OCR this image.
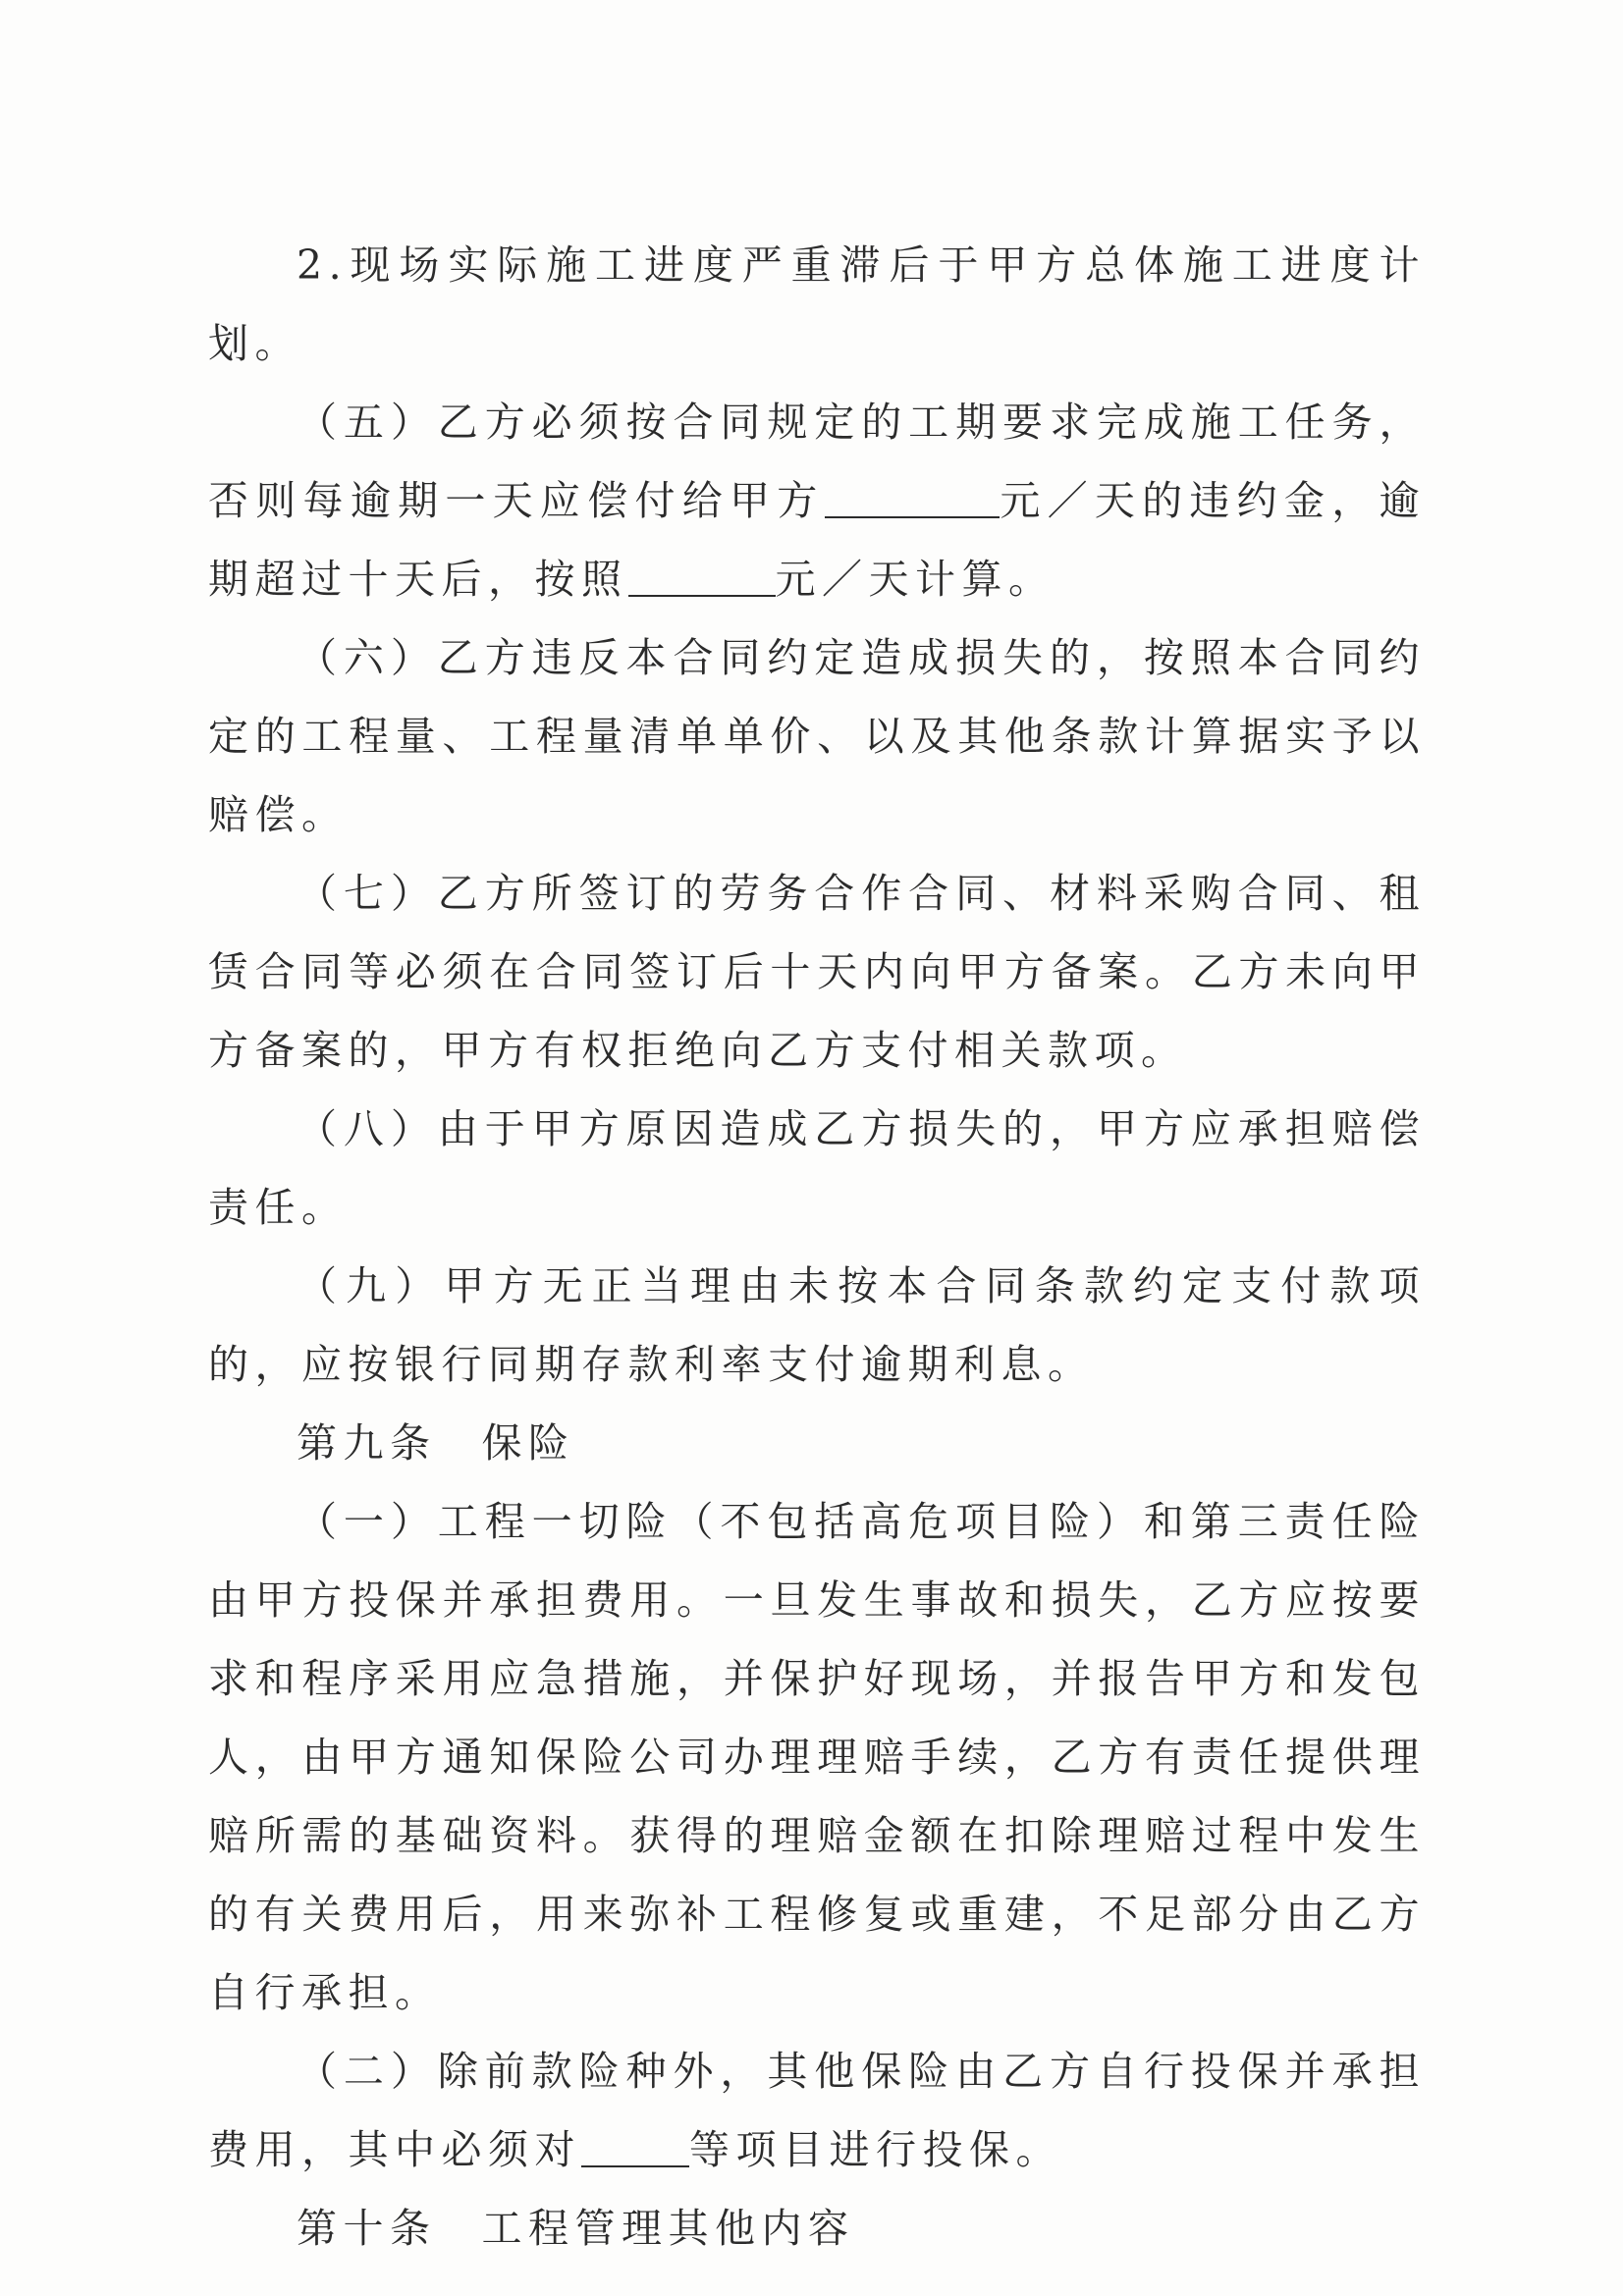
2.现场实际施工进度严重滞后于甲方总体施工进度计划。

（五）乙方必须按合同规定的工期要求完成施工任务，否则每逾期一天应偿付给甲方	元／天的违约金，逾期超过十天后，按照	元／天计算。

（六）乙方违反本合同约定造成损失的，按照本合同约定的工程量、工程量清单单价、以及其他条款计算据实予以赔偿。

（七）乙方所签订的劳务合作合同、材料采购合同、租赁合同等必须在合同签订后十天内向甲方备案。乙方未向甲方备案的，甲方有权拒绝向乙方支付相关款项。

（八）由于甲方原因造成乙方损失的，甲方应承担赔偿责任。

（九）甲方无正当理由未按本合同条款约定支付款项的，应按银行同期存款利率支付逾期利息。

第九条 保险

（一）工程一切险（不包括高危项目险）和第三责任险由甲方投保并承担费用。一旦发生事故和损失，乙方应按要求和程序采用应急措施，并保护好现场，并报告甲方和发包人，由甲方通知保险公司办理理赔手续，乙方有责任提供理赔所需的基础资料。获得的理赔金额在扣除理赔过程中发生的有关费用后，用来弥补工程修复或重建，不足部分由乙方自行承担。

（二）除前款险种外，其他保险由乙方自行投保并承担费用，其中必须对	等项目进行投保。

第十条 工程管理其他内容
